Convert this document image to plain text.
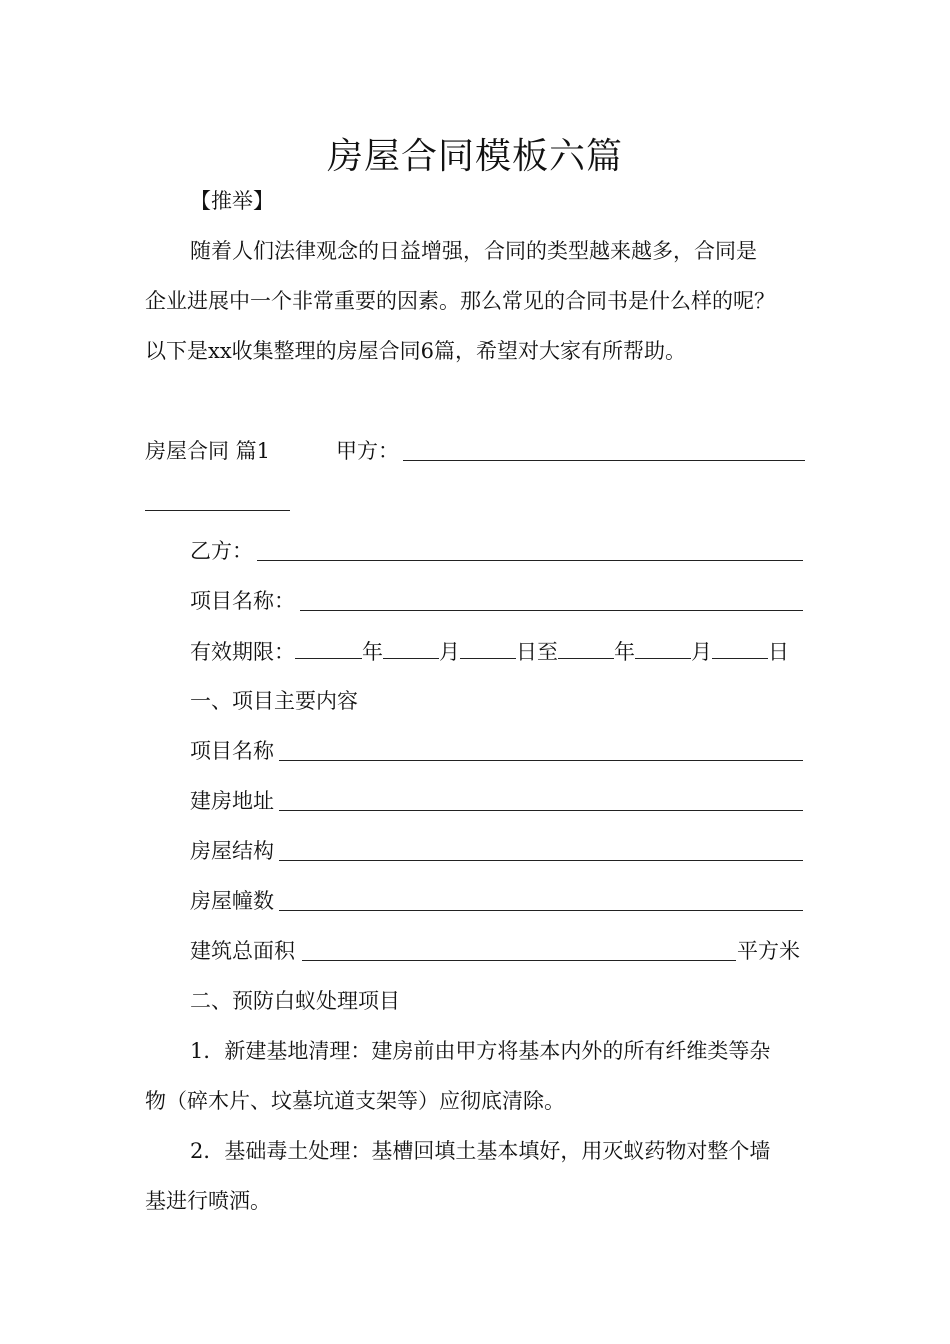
房屋合同模板六篇
【推举】
随着人们法律观念的日益增强，合同的类型越来越多，合同是
企业进展中一个非常重要的因素。那么常见的合同书是什么样的呢？
以下是xx收集整理的房屋合同6篇，希望对大家有所帮助。
房屋合同 篇1	甲方：
乙方：
项目名称：
有效期限：	年	月	日至	年	月	日
一、项目主要内容
项目名称
建房地址
房屋结构
房屋幢数
建筑总面积	平方米
二、预防白蚁处理项目
1．新建基地清理：建房前由甲方将基本内外的所有纤维类等杂
物（碎木片、坟墓坑道支架等）应彻底清除。
2．基础毒土处理：基槽回填土基本填好，用灭蚁药物对整个墙
基进行喷洒。
